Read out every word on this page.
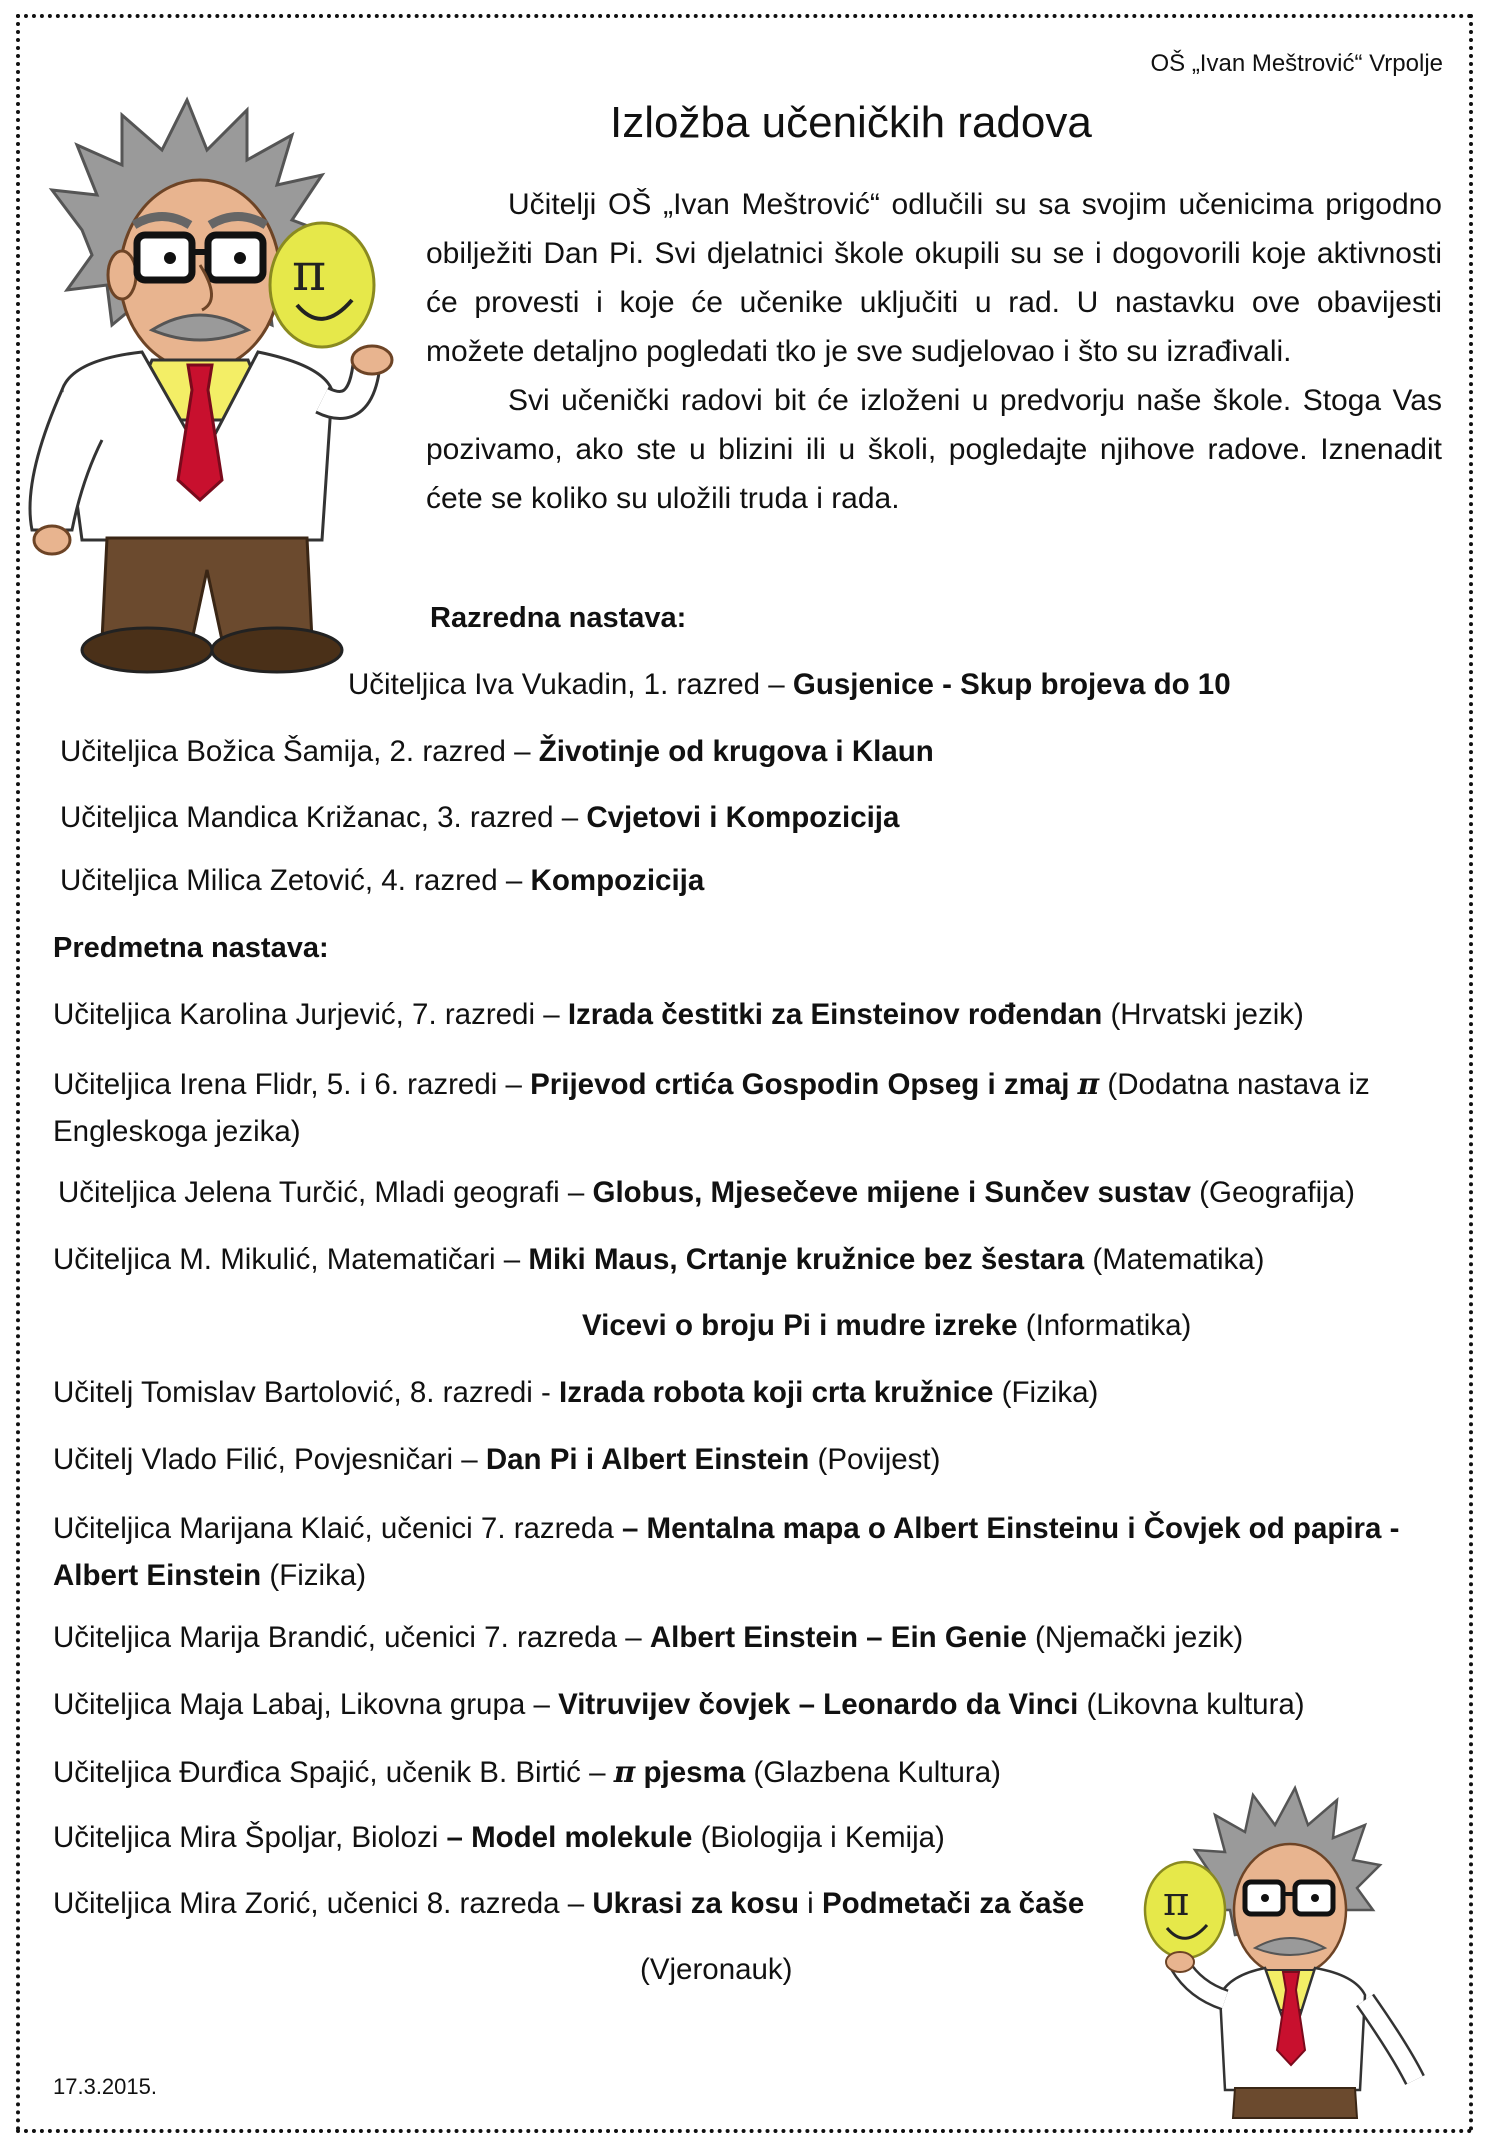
OŠ „Ivan Meštrović“ Vrpolje
Izložba učeničkih radova
π

Učitelji OŠ „Ivan Meštrović“ odlučili su sa svojim učenicima prigodno obilježiti Dan Pi. Svi djelatnici škole okupili su se i dogovorili koje aktivnosti će provesti i koje će učenike uključiti u rad. U nastavku ove obavijesti možete detaljno pogledati tko je sve sudjelovao i što su izrađivali.

Svi učenički radovi bit će izloženi u predvorju naše škole. Stoga Vas pozivamo, ako ste u blizini ili u školi, pogledajte njihove radove. Iznenadit ćete se koliko su uložili truda i rada.

Razredna nastava:
Učiteljica Iva Vukadin, 1. razred – Gusjenice - Skup brojeva do 10
Učiteljica Božica Šamija, 2. razred – Životinje od krugova i Klaun
Učiteljica Mandica Križanac, 3. razred – Cvjetovi i Kompozicija
Učiteljica Milica Zetović, 4. razred – Kompozicija
Predmetna nastava:
Učiteljica Karolina Jurjević, 7. razredi – Izrada čestitki za Einsteinov rođendan (Hrvatski jezik)
Učiteljica Irena Flidr, 5. i 6. razredi – Prijevod crtića Gospodin Opseg i zmaj π (Dodatna nastava iz Engleskoga jezika)
Učiteljica Jelena Turčić, Mladi geografi – Globus, Mjesečeve mijene i Sunčev sustav (Geografija)
Učiteljica M. Mikulić, Matematičari – Miki Maus, Crtanje kružnice bez šestara (Matematika)
Vicevi o broju Pi i mudre izreke (Informatika)
Učitelj Tomislav Bartolović, 8. razredi - Izrada robota koji crta kružnice (Fizika)
Učitelj Vlado Filić, Povjesničari – Dan Pi i Albert Einstein (Povijest)
Učiteljica Marijana Klaić, učenici 7. razreda – Mentalna mapa o Albert Einsteinu i Čovjek od papira - Albert Einstein (Fizika)
Učiteljica Marija Brandić, učenici 7. razreda – Albert Einstein – Ein Genie (Njemački jezik)
Učiteljica Maja Labaj, Likovna grupa – Vitruvijev čovjek – Leonardo da Vinci (Likovna kultura)
Učiteljica Đurđica Spajić, učenik B. Birtić – π pjesma (Glazbena Kultura)
Učiteljica Mira Špoljar, Biolozi – Model molekule (Biologija i Kemija)
Učiteljica Mira Zorić, učenici 8. razreda – Ukrasi za kosu i Podmetači za čaše
(Vjeronauk)
π
17.3.2015.
